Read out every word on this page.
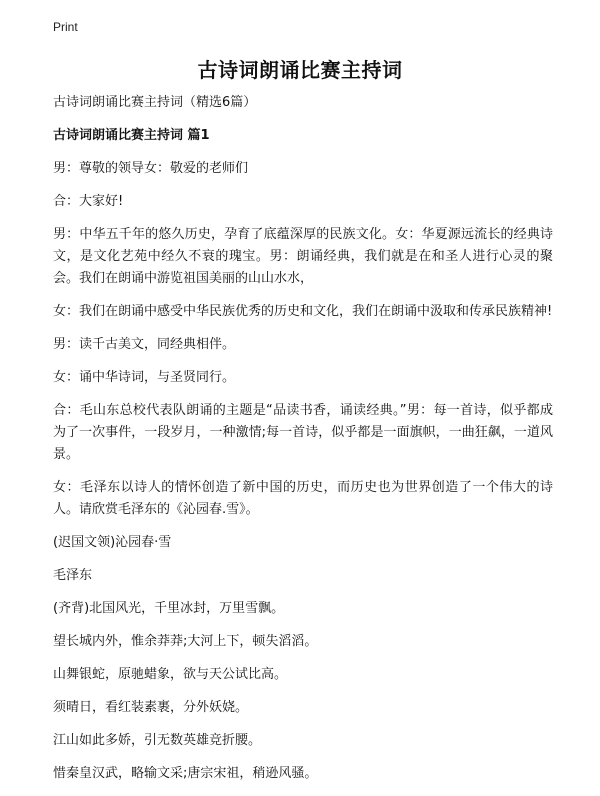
Print
古诗词朗诵比赛主持词

古诗词朗诵比赛主持词（精选6篇）

古诗词朗诵比赛主持词 篇1

男：尊敬的领导女：敬爱的老师们

合：大家好!

男：中华五千年的悠久历史，孕育了底蕴深厚的民族文化。女：华夏源远流长的经典诗文，是文化艺苑中经久不衰的瑰宝。男：朗诵经典，我们就是在和圣人进行心灵的聚会。我们在朗诵中游览祖国美丽的山山水水，

女：我们在朗诵中感受中华民族优秀的历史和文化，我们在朗诵中汲取和传承民族精神!

男：读千古美文，同经典相伴。

女：诵中华诗词，与圣贤同行。

合：毛山东总校代表队朗诵的主题是“品读书香，诵读经典。”男：每一首诗，似乎都成为了一次事件，一段岁月，一种激情;每一首诗，似乎都是一面旗帜，一曲狂飙，一道风景。

女：毛泽东以诗人的情怀创造了新中国的历史，而历史也为世界创造了一个伟大的诗人。请欣赏毛泽东的《沁园春.雪》。

(迟国文领)沁园春·雪

毛泽东

(齐背)北国风光，千里冰封，万里雪飘。

望长城内外，惟余莽莽;大河上下，顿失滔滔。

山舞银蛇，原驰蜡象，欲与天公试比高。

须晴日，看红装素裹，分外妖娆。

江山如此多娇，引无数英雄竞折腰。

惜秦皇汉武，略输文采;唐宗宋祖，稍逊风骚。
